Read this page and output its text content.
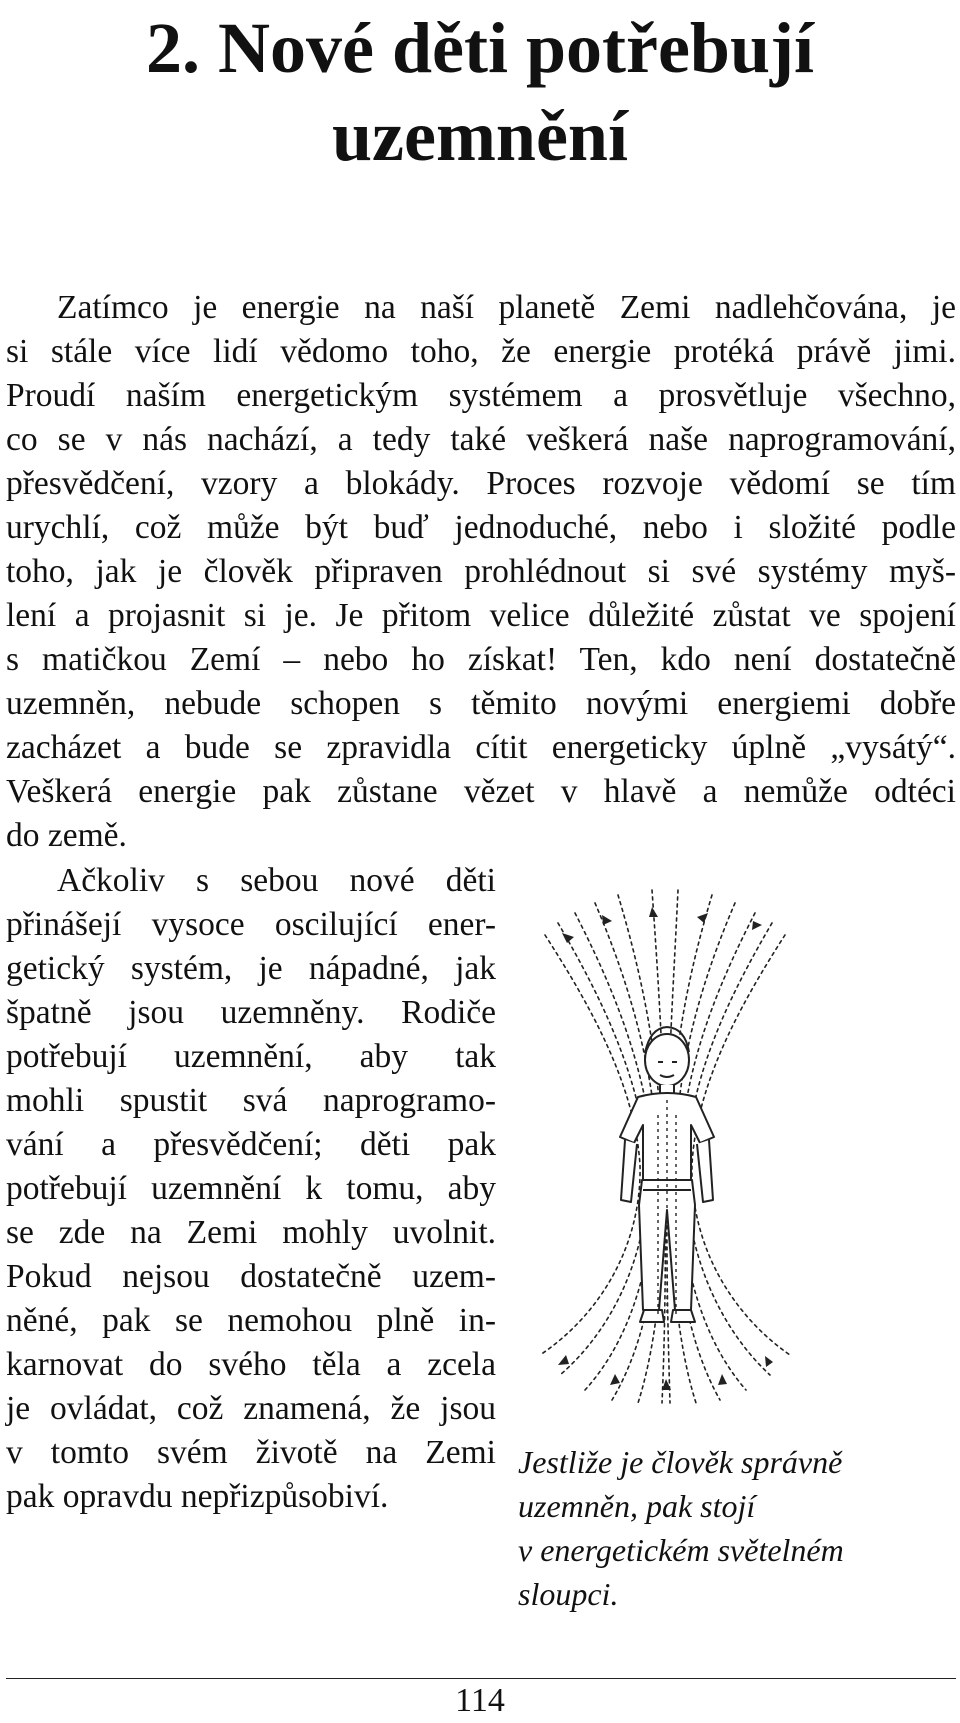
2. Nové děti potřebují
uzemnění
Zatímco je energie na naší planetě Zemi nadlehčována, je
si stále více lidí vědomo toho, že energie protéká právě jimi.
Proudí naším energetickým systémem a prosvětluje všechno,
co se v nás nachází, a tedy také veškerá naše naprogramování,
přesvědčení, vzory a blokády. Proces rozvoje vědomí se tím
urychlí, což může být buď jednoduché, nebo i složité podle
toho, jak je člověk připraven prohlédnout si své systémy myš-
lení a projasnit si je. Je přitom velice důležité zůstat ve spojení
s matičkou Zemí – nebo ho získat! Ten, kdo není dostatečně
uzemněn, nebude schopen s těmito novými energiemi dobře
zacházet a bude se zpravidla cítit energeticky úplně „vysátý“.
Veškerá energie pak zůstane vězet v hlavě a nemůže odtéci
do země.
Ačkoliv s sebou nové děti
přinášejí vysoce oscilující ener-
getický systém, je nápadné, jak
špatně jsou uzemněny. Rodiče
potřebují uzemnění, aby tak
mohli spustit svá naprogramo-
vání a přesvědčení; děti pak
potřebují uzemnění k tomu, aby
se zde na Zemi mohly uvolnit.
Pokud nejsou dostatečně uzem-
něné, pak se nemohou plně in-
karnovat do svého těla a zcela
je ovládat, což znamená, že jsou
v tomto svém životě na Zemi
pak opravdu nepřizpůsobiví.
Jestliže je člověk správně
uzemněn, pak stojí
v energetickém světelném
sloupci.
114
